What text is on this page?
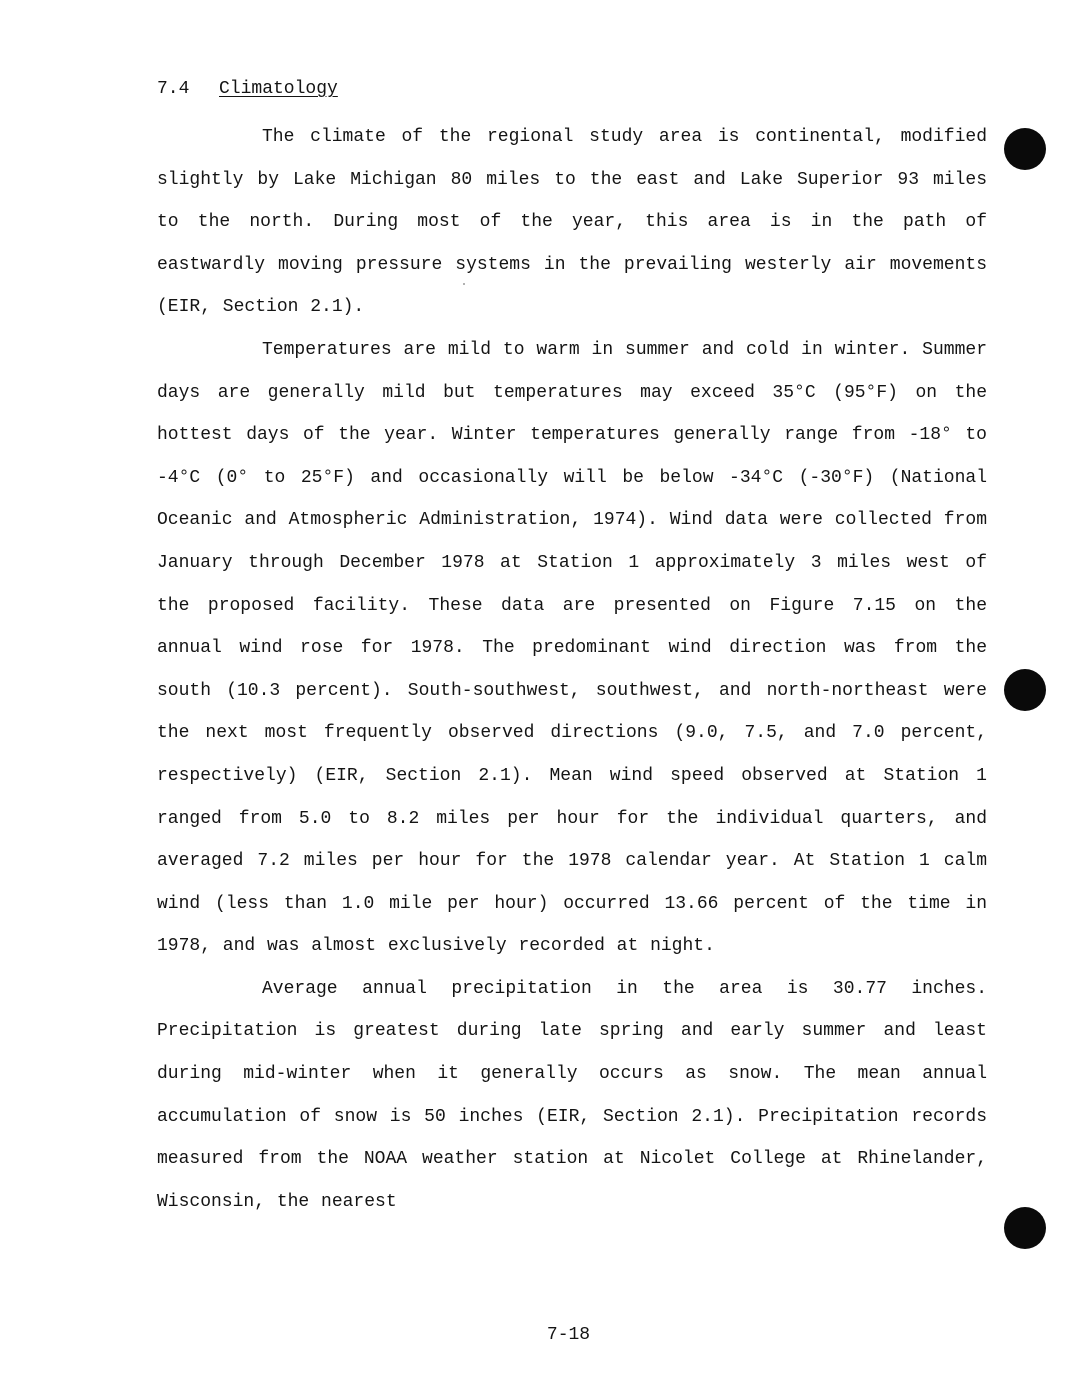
7.4 Climatology

The climate of the regional study area is continental, modified slightly by Lake Michigan 80 miles to the east and Lake Superior 93 miles to the north. During most of the year, this area is in the path of eastwardly moving pressure systems in the prevailing westerly air movements (EIR, Section 2.1).

Temperatures are mild to warm in summer and cold in winter. Summer days are generally mild but temperatures may exceed 35°C (95°F) on the hottest days of the year. Winter temperatures generally range from -18° to -4°C (0° to 25°F) and occasionally will be below -34°C (-30°F) (National Oceanic and Atmospheric Administration, 1974). Wind data were collected from January through December 1978 at Station 1 approximately 3 miles west of the proposed facility. These data are presented on Figure 7.15 on the annual wind rose for 1978. The predominant wind direction was from the south (10.3 percent). South-southwest, southwest, and north-northeast were the next most frequently observed directions (9.0, 7.5, and 7.0 percent, respectively) (EIR, Section 2.1). Mean wind speed observed at Station 1 ranged from 5.0 to 8.2 miles per hour for the individual quarters, and averaged 7.2 miles per hour for the 1978 calendar year. At Station 1 calm wind (less than 1.0 mile per hour) occurred 13.66 percent of the time in 1978, and was almost exclusively recorded at night.

Average annual precipitation in the area is 30.77 inches. Precipitation is greatest during late spring and early summer and least during mid-winter when it generally occurs as snow. The mean annual accumulation of snow is 50 inches (EIR, Section 2.1). Precipitation records measured from the NOAA weather station at Nicolet College at Rhinelander, Wisconsin, the nearest

7-18
